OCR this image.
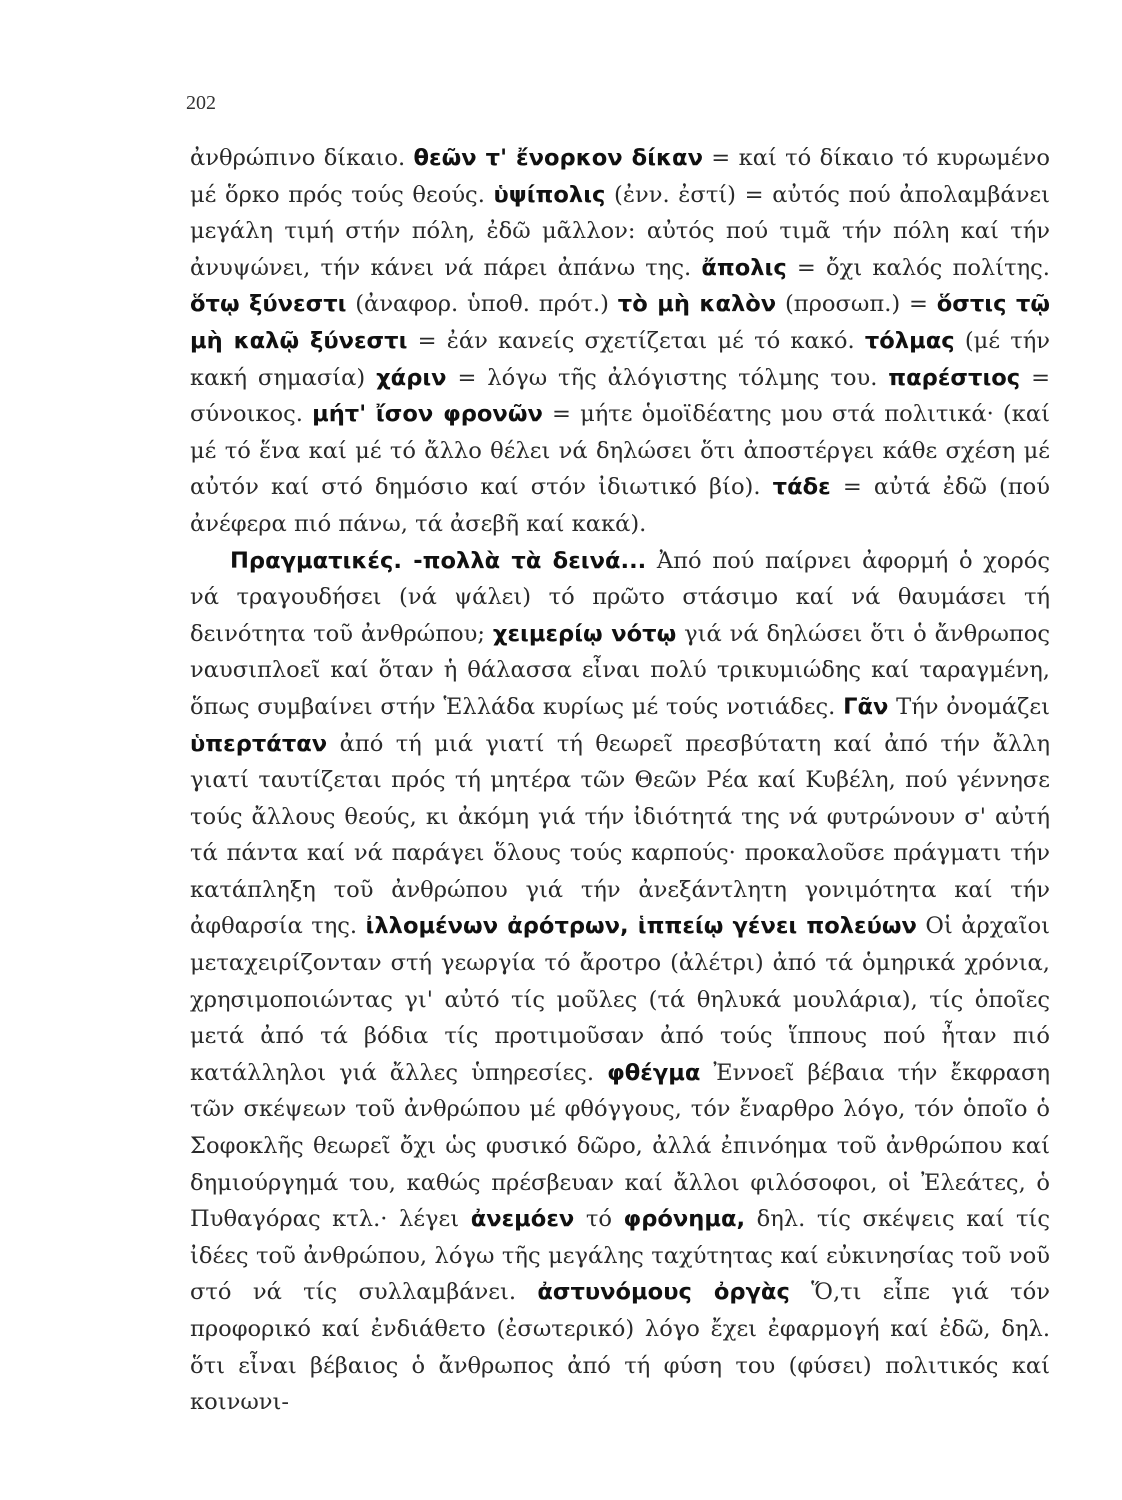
202

ἀνθρώπινο δίκαιο. θεῶν τ' ἔνορκον δίκαν = καί τό δίκαιο τό κυρωμένο μέ ὅρκο πρός τούς θεούς. ὑψίπολις (ἐνν. ἐστί) = αὐτός πού ἀπολαμβάνει μεγάλη τιμή στήν πόλη, ἐδῶ μᾶλλον: αὐτός πού τιμᾶ τήν πόλη καί τήν ἀνυψώνει, τήν κάνει νά πάρει ἀπάνω της. ἄπολις = ὄχι καλός πολίτης. ὅτῳ ξύνεστι (ἀναφορ. ὑποθ. πρότ.) τὸ μὴ καλὸν (προσωπ.) = ὅστις τῷ μὴ καλῷ ξύνεστι = ἐάν κανείς σχετίζεται μέ τό κακό. τόλμας (μέ τήν κακή σημασία) χάριν = λόγω τῆς ἀλόγιστης τόλμης του. παρέστιος = σύνοικος. μήτ' ἴσον φρονῶν = μήτε ὁμοϊδέατης μου στά πολιτικά· (καί μέ τό ἕνα καί μέ τό ἄλλο θέλει νά δηλώσει ὅτι ἀποστέργει κάθε σχέση μέ αὐτόν καί στό δημόσιο καί στόν ἰδιωτικό βίο). τάδε = αὐτά ἐδῶ (πού ἀνέφερα πιό πάνω, τά ἀσεβῆ καί κακά).

Πραγματικές. -πολλὰ τὰ δεινά... Ἀπό πού παίρνει ἀφορμή ὁ χορός νά τραγουδήσει (νά ψάλει) τό πρῶτο στάσιμο καί νά θαυμάσει τή δεινότητα τοῦ ἀνθρώπου; χειμερίῳ νότῳ γιά νά δηλώσει ὅτι ὁ ἄνθρωπος ναυσιπλοεῖ καί ὅταν ἡ θάλασσα εἶναι πολύ τρικυμιώδης καί ταραγμένη, ὅπως συμβαίνει στήν Ἑλλάδα κυρίως μέ τούς νοτιάδες. Γᾶν Τήν ὀνομάζει ὑπερτάταν ἀπό τή μιά γιατί τή θεωρεῖ πρεσβύτατη καί ἀπό τήν ἄλλη γιατί ταυτίζεται πρός τή μητέρα τῶν Θεῶν Ρέα καί Κυβέλη, πού γέννησε τούς ἄλλους θεούς, κι ἀκόμη γιά τήν ἰδιότητά της νά φυτρώνουν σ' αὐτή τά πάντα καί νά παράγει ὅλους τούς καρπούς· προκαλοῦσε πράγματι τήν κατάπληξη τοῦ ἀνθρώπου γιά τήν ἀνεξάντλητη γονιμότητα καί τήν ἀφθαρσία της. ἰλλομένων ἀρότρων, ἱππείῳ γένει πολεύων Οἱ ἀρχαῖοι μεταχειρίζονταν στή γεωργία τό ἄροτρο (ἀλέτρι) ἀπό τά ὁμηρικά χρόνια, χρησιμοποιώντας γι' αὐτό τίς μοῦλες (τά θηλυκά μουλάρια), τίς ὁποῖες μετά ἀπό τά βόδια τίς προτιμοῦσαν ἀπό τούς ἵππους πού ἦταν πιό κατάλληλοι γιά ἄλλες ὑπηρεσίες. φθέγμα Ἐννοεῖ βέβαια τήν ἔκφραση τῶν σκέψεων τοῦ ἀνθρώπου μέ φθόγγους, τόν ἔναρθρο λόγο, τόν ὁποῖο ὁ Σοφοκλῆς θεωρεῖ ὄχι ὡς φυσικό δῶρο, ἀλλά ἐπινόημα τοῦ ἀνθρώπου καί δημιούργημά του, καθώς πρέσβευαν καί ἄλλοι φιλόσοφοι, οἱ Ἐλεάτες, ὁ Πυθαγόρας κτλ.· λέγει ἀνεμόεν τό φρόνημα, δηλ. τίς σκέψεις καί τίς ἰδέες τοῦ ἀνθρώπου, λόγω τῆς μεγάλης ταχύτητας καί εὐκινησίας τοῦ νοῦ στό νά τίς συλλαμβάνει. ἀστυνόμους ὀργὰς Ὅ,τι εἶπε γιά τόν προφορικό καί ἐνδιάθετο (ἐσωτερικό) λόγο ἔχει ἐφαρμογή καί ἐδῶ, δηλ. ὅτι εἶναι βέβαιος ὁ ἄνθρωπος ἀπό τή φύση του (φύσει) πολιτικός καί κοινωνι-
